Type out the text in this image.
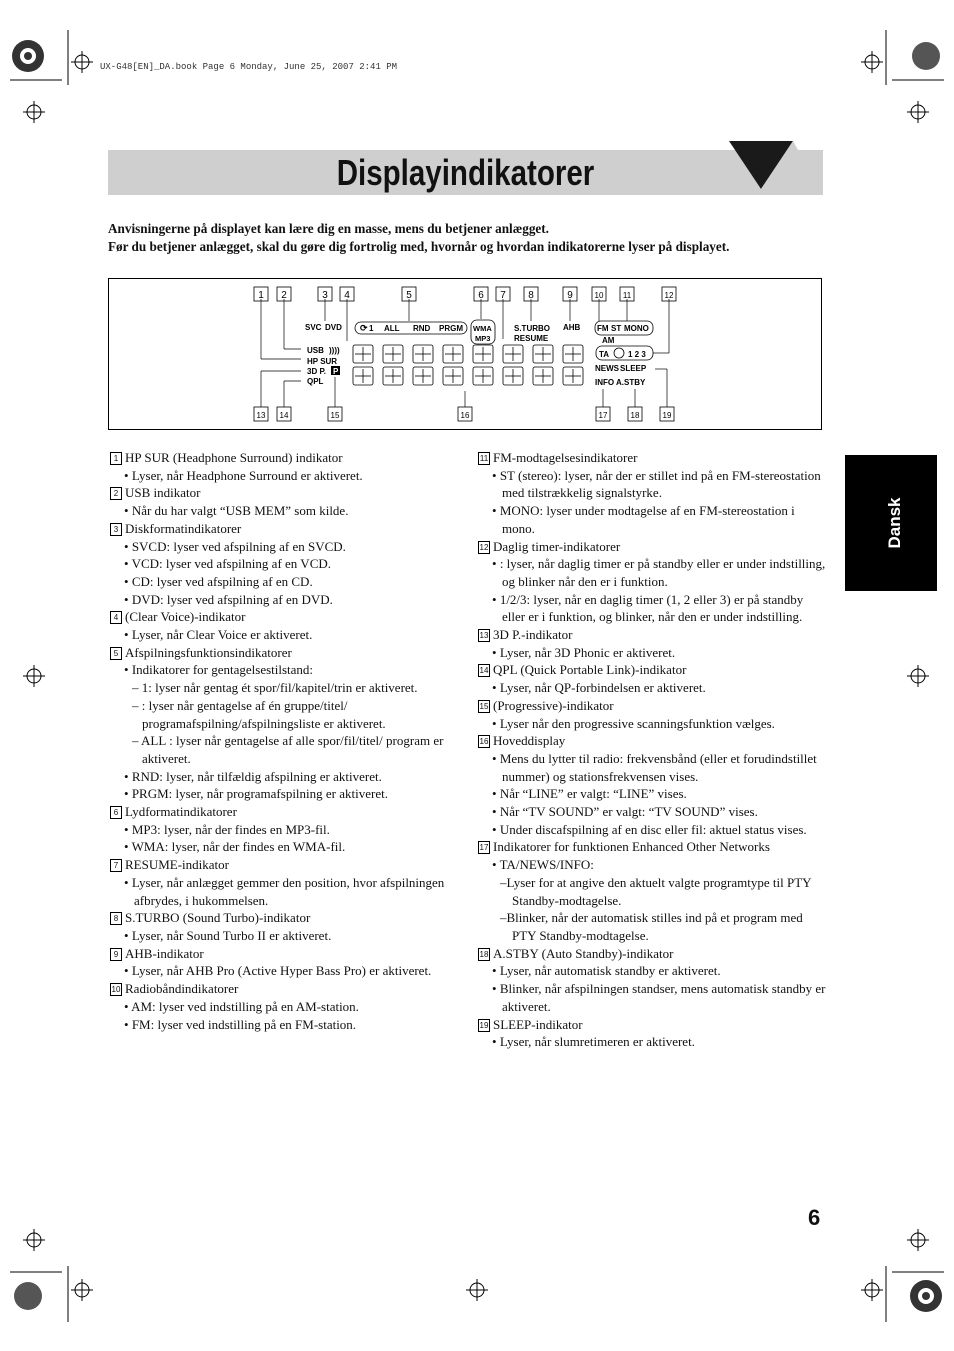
UX-G48[EN]_DA.book Page 6 Monday, June 25, 2007 2:41 PM
Displayindikatorer

Anvisningerne på displayet kan lære dig en masse, mens du betjener anlægget.

Før du betjener anlægget, skal du gøre dig fortrolig med, hvornår og hvordan indikatorerne lyser på displayet.

1 2	3 4	5	6 7 8	9	10 11	12
13 14	15	16	17	18	19
SVC DVD ⟳ 1 ALL RND PRGM WMA
MP3
S.TURBO
RESUME
AHB FM ST MONO
AM
TA 1 2 3
NEWS SLEEP
INFO A.STBY
USB ))))
HP SUR
3D P. P
QPL
Dansk
1 HP SUR (Headphone Surround) indikator
• Lyser, når Headphone Surround er aktiveret.
2 USB indikator
• Når du har valgt “USB MEM” som kilde.
3 Diskformatindikatorer
• SVCD: lyser ved afspilning af en SVCD.
• VCD: lyser ved afspilning af en VCD.
• CD: lyser ved afspilning af en CD.
• DVD: lyser ved afspilning af en DVD.
4 (Clear Voice)-indikator
• Lyser, når Clear Voice er aktiveret.
5 Afspilningsfunktionsindikatorer
• Indikatorer for gentagelsestilstand:
– 1: lyser når gentag ét spor/fil/kapitel/trin er aktiveret.
– : lyser når gentagelse af én gruppe/titel/ programafspilning/afspilningsliste er aktiveret.
– ALL : lyser når gentagelse af alle spor/fil/titel/ program er aktiveret.
• RND: lyser, når tilfældig afspilning er aktiveret.
• PRGM: lyser, når programafspilning er aktiveret.
6 Lydformatindikatorer
• MP3: lyser, når der findes en MP3-fil.
• WMA: lyser, når der findes en WMA-fil.
7 RESUME-indikator
• Lyser, når anlægget gemmer den position, hvor afspilningen afbrydes, i hukommelsen.
8 S.TURBO (Sound Turbo)-indikator
• Lyser, når Sound Turbo II er aktiveret.
9 AHB-indikator
• Lyser, når AHB Pro (Active Hyper Bass Pro) er aktiveret.
10 Radiobåndindikatorer
• AM: lyser ved indstilling på en AM-station.
• FM: lyser ved indstilling på en FM-station.
11 FM-modtagelsesindikatorer
• ST (stereo): lyser, når der er stillet ind på en FM-stereostation med tilstrækkelig signalstyrke.
• MONO: lyser under modtagelse af en FM-stereostation i mono.
12 Daglig timer-indikatorer
• : lyser, når daglig timer er på standby eller er under indstilling, og blinker når den er i funktion.
• 1/2/3: lyser, når en daglig timer (1, 2 eller 3) er på standby eller er i funktion, og blinker, når den er under indstilling.
13 3D P.-indikator
• Lyser, når 3D Phonic er aktiveret.
14 QPL (Quick Portable Link)-indikator
• Lyser, når QP-forbindelsen er aktiveret.
15 (Progressive)-indikator
• Lyser når den progressive scanningsfunktion vælges.
16 Hoveddisplay
• Mens du lytter til radio: frekvensbånd (eller et forudindstillet nummer) og stationsfrekvensen vises.
• Når “LINE” er valgt: “LINE” vises.
• Når “TV SOUND” er valgt: “TV SOUND” vises.
• Under discafspilning af en disc eller fil: aktuel status vises.
17 Indikatorer for funktionen Enhanced Other Networks
• TA/NEWS/INFO:
–Lyser for at angive den aktuelt valgte programtype til PTY Standby-modtagelse.
–Blinker, når der automatisk stilles ind på et program med PTY Standby-modtagelse.
18 A.STBY (Auto Standby)-indikator
• Lyser, når automatisk standby er aktiveret.
• Blinker, når afspilningen standser, mens automatisk standby er aktiveret.
19 SLEEP-indikator
• Lyser, når slumretimeren er aktiveret.
6
